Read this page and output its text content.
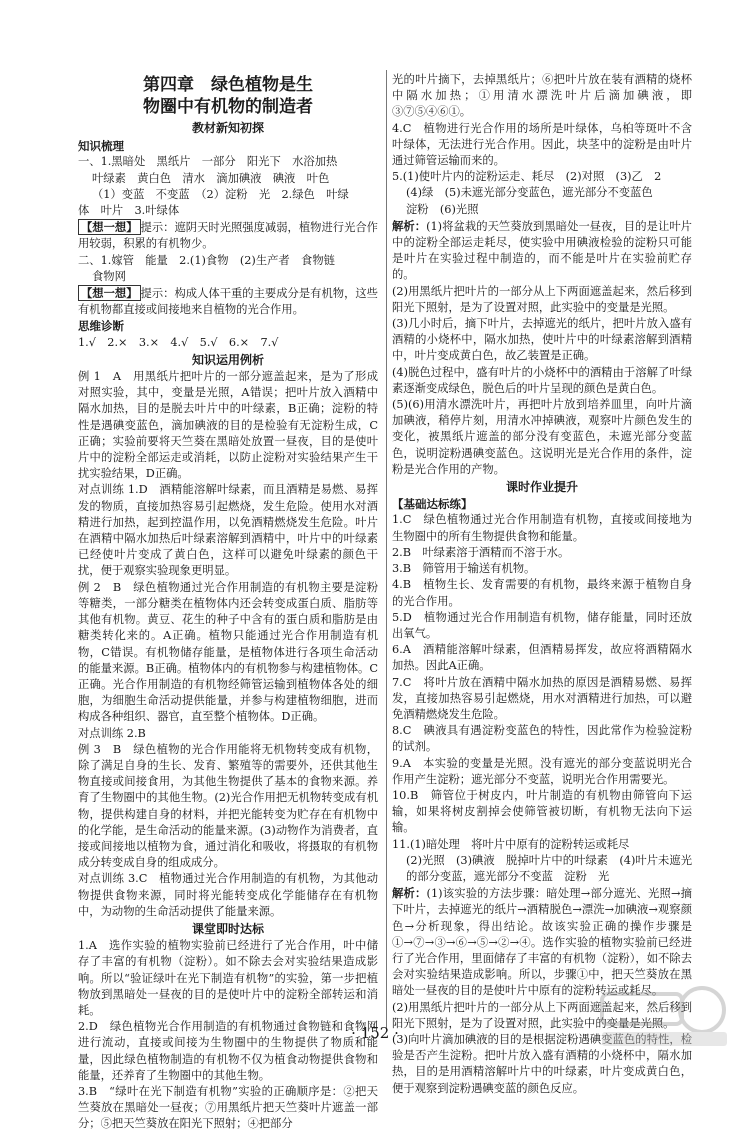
第四章　绿色植物是生
物圈中有机物的制造者
教材新知初探
知识梳理
一、1.黑暗处　黑纸片　一部分　阳光下　水浴加热
叶绿素　黄白色　清水　滴加碘液　碘液　叶色
（1）变蓝　不变蓝　（2）淀粉　光　2.绿色　叶绿
体　叶片　3.叶绿体
【想一想】 提示：遮阴天时光照强度减弱，植物进行光合作用较弱，积累的有机物少。
二、1.嫁管　能量　2.(1)食物　(2)生产者　食物链
食物网
【想一想】 提示：构成人体干重的主要成分是有机物，这些有机物都直接或间接地来自植物的光合作用。
思维诊断
1.√　2.×　3.×　4.√　5.√　6.×　7.√
知识运用例析
例 1　A　用黑纸片把叶片的一部分遮盖起来，是为了形成对照实验，其中，变量是光照，A错误；把叶片放入酒精中隔水加热，目的是脱去叶片中的叶绿素，B正确；淀粉的特性是遇碘变蓝色，滴加碘液的目的是检验有无淀粉生成，C正确；实验前要将天竺葵在黑暗处放置一昼夜，目的是使叶片中的淀粉全部运走或消耗，以防止淀粉对实验结果产生干扰实验结果，D正确。
对点训练 1.D　酒精能溶解叶绿素，而且酒精是易燃、易挥发的物质，直接加热容易引起燃烧，发生危险。使用水对酒精进行加热，起到控温作用，以免酒精燃烧发生危险。叶片在酒精中隔水加热后叶绿素溶解到酒精中，叶片中的叶绿素已经使叶片变成了黄白色，这样可以避免叶绿素的颜色干扰，便于观察实验现象更明显。
例 2　B　绿色植物通过光合作用制造的有机物主要是淀粉等糖类，一部分糖类在植物体内还会转变成蛋白质、脂肪等其他有机物。黄豆、花生的种子中含有的蛋白质和脂肪是由糖类转化来的。A正确。植物只能通过光合作用制造有机物，C错误。有机物储存能量，是植物体进行各项生命活动的能量来源。B正确。植物体内的有机物参与构建植物体。C正确。光合作用制造的有机物经筛管运输到植物体各处的细胞，为细胞生命活动提供能量，并参与构建植物细胞，进而构成各种组织、器官，直至整个植物体。D正确。
对点训练 2.B
例 3　B　绿色植物的光合作用能将无机物转变成有机物，除了满足自身的生长、发育、繁殖等的需要外，还供其他生物直接或间接食用，为其他生物提供了基本的食物来源。养育了生物圈中的其他生物。(2)光合作用把无机物转变成有机物，提供构建自身的材料，并把光能转变为贮存在有机物中的化学能，是生命活动的能量来源。(3)动物作为消费者，直接或间接地以植物为食，通过消化和吸收，将摄取的有机物成分转变成自身的组成成分。
对点训练 3.C　植物通过光合作用制造的有机物，为其他动物提供食物来源，同时将光能转变成化学能储存在有机物中，为动物的生命活动提供了能量来源。
课堂即时达标
1.A　选作实验的植物实验前已经进行了光合作用，叶中储存了丰富的有机物（淀粉）。如不除去会对实验结果造成影响。所以“验证绿叶在光下制造有机物”的实验，第一步把植物放到黑暗处一昼夜的目的是使叶片中的淀粉全部转运和消耗。
2.D　绿色植物光合作用制造的有机物通过食物链和食物网进行流动，直接或间接为生物圈中的生物提供了物质和能量，因此绿色植物制造的有机物不仅为植食动物提供食物和能量，还养育了生物圈中的其他生物。
3.B　“绿叶在光下制造有机物”实验的正确顺序是：②把天竺葵放在黑暗处一昼夜；⑦用黑纸片把天竺葵叶片遮盖一部分；⑤把天竺葵放在阳光下照射；④把部分
光的叶片摘下，去掉黑纸片；⑥把叶片放在装有酒精的烧杯中隔水加热；①用清水漂洗叶片后滴加碘液，即③⑦⑤④⑥①。
4.C　植物进行光合作用的场所是叶绿体，乌桕等斑叶不含叶绿体，无法进行光合作用。因此，块茎中的淀粉是由叶片通过筛管运输而来的。
5.(1)使叶片内的淀粉运走、耗尽　(2)对照　(3)乙　2
(4)绿　(5)未遮光部分变蓝色，遮光部分不变蓝色
淀粉　(6)光照
解析：(1)将盆栽的天竺葵放到黑暗处一昼夜，目的是让叶片中的淀粉全部运走耗尽，使实验中用碘液检验的淀粉只可能是叶片在实验过程中制造的，而不能是叶片在实验前贮存的。
(2)用黑纸片把叶片的一部分从上下两面遮盖起来，然后移到阳光下照射，是为了设置对照，此实验中的变量是光照。
(3)几小时后，摘下叶片，去掉遮光的纸片，把叶片放入盛有酒精的小烧杯中，隔水加热，使叶片中的叶绿素溶解到酒精中，叶片变成黄白色，故乙装置是正确。
(4)脱色过程中，盛有叶片的小烧杯中的酒精由于溶解了叶绿素逐渐变成绿色，脱色后的叶片呈现的颜色是黄白色。
(5)(6)用清水漂洗叶片，再把叶片放到培养皿里，向叶片滴加碘液，稍停片刻，用清水冲掉碘液，观察叶片颜色发生的变化，被黑纸片遮盖的部分没有变蓝色，未遮光部分变蓝色，说明淀粉遇碘变蓝色。这说明光是光合作用的条件，淀粉是光合作用的产物。
课时作业提升
【基础达标练】
1.C　绿色植物通过光合作用制造有机物，直接或间接地为生物圈中的所有生物提供食物和能量。
2.B　叶绿素溶于酒精而不溶于水。
3.B　筛管用于输送有机物。
4.B　植物生长、发育需要的有机物，最终来源于植物自身的光合作用。
5.D　植物通过光合作用制造有机物，储存能量，同时还放出氧气。
6.A　酒精能溶解叶绿素，但酒精易挥发，故应将酒精隔水加热。因此A正确。
7.C　将叶片放在酒精中隔水加热的原因是酒精易燃、易挥发，直接加热容易引起燃烧，用水对酒精进行加热，可以避免酒精燃烧发生危险。
8.C　碘液具有遇淀粉变蓝色的特性，因此常作为检验淀粉的试剂。
9.A　本实验的变量是光照。没有遮光的部分变蓝说明光合作用产生淀粉；遮光部分不变蓝，说明光合作用需要光。
10.B　筛管位于树皮内，叶片制造的有机物由筛管向下运输，如果将树皮割掉会使筛管被切断，有机物无法向下运输。
11.(1)暗处理　将叶片中原有的淀粉转运或耗尽
(2)光照　(3)碘液　脱掉叶片中的叶绿素　(4)叶片未遮光的部分变蓝，遮光部分不变蓝　淀粉　光
解析：(1)该实验的方法步骤：暗处理→部分遮光、光照→摘下叶片，去掉遮光的纸片→酒精脱色→漂洗→加碘液→观察颜色→分析现象，得出结论。故该实验正确的操作步骤是①→⑦→③→⑥→⑤→②→④。选作实验的植物实验前已经进行了光合作用，里面储存了丰富的有机物（淀粉），如不除去会对实验结果造成影响。所以，步骤①中，把天竺葵放在黑暗处一昼夜的目的是使叶片中原有的淀粉转运或耗尽。
(2)用黑纸片把叶片的一部分从上下两面遮盖起来，然后移到阳光下照射，是为了设置对照，此实验中的变量是光照。
(3)向叶片滴加碘液的目的是根据淀粉遇碘变蓝色的特性，检验是否产生淀粉。把叶片放入盛有酒精的小烧杯中，隔水加热，目的是用酒精溶解叶片中的叶绿素，叶片变成黄白色，便于观察到淀粉遇碘变蓝的颜色反应。
· 152 ·
